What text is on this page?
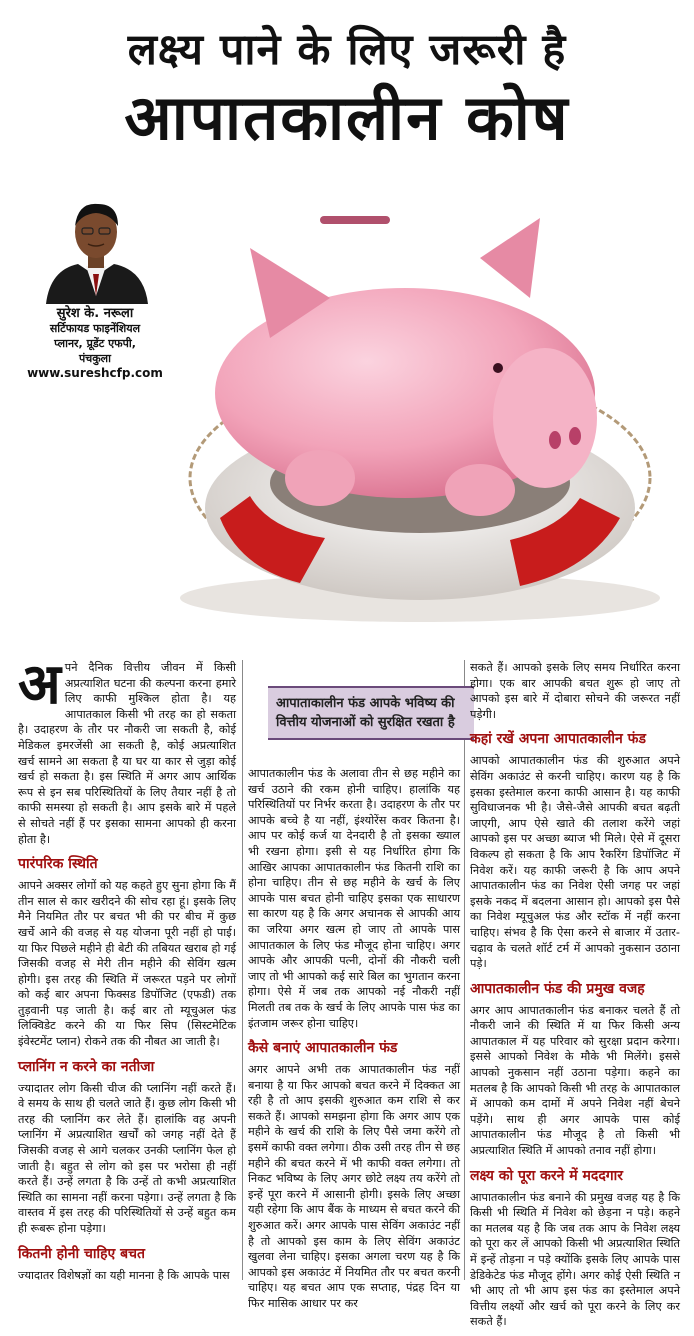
लक्ष्य पाने के लिए जरूरी है
आपातकालीन कोष
सुरेश के. नरूला
सर्टिफायड फाइनेंशियल
प्लानर, प्रूडेंट एफपी,
पंचकुला
www.sureshcfp.com

अपने दैनिक वित्तीय जीवन में किसी अप्रत्याशित घटना की कल्पना करना हमारे लिए काफी मुश्किल होता है। यह आपातकाल किसी भी तरह का हो सकता है। उदाहरण के तौर पर नौकरी जा सकती है, कोई मेडिकल इमरजेंसी आ सकती है, कोई अप्रत्याशित खर्च सामने आ सकता है या घर या कार से जुड़ा कोई खर्च हो सकता है। इस स्थिति में अगर आप आर्थिक रूप से इन सब परिस्थितियों के लिए तैयार नहीं है तो काफी समस्या हो सकती है। आप इसके बारे में पहले से सोचते नहीं हैं पर इसका सामना आपको ही करना होता है।

पारंपरिक स्थिति

आपने अक्सर लोगों को यह कहते हुए सुना होगा कि मैं तीन साल से कार खरीदने की सोच रहा हूं। इसके लिए मैने नियमित तौर पर बचत भी की पर बीच में कुछ खर्चे आने की वजह से यह योजना पूरी नहीं हो पाई। या फिर पिछले महीने ही बेटी की तबियत खराब हो गई जिसकी वजह से मेरी तीन महीने की सेविंग खत्म होगी। इस तरह की स्थिति में जरूरत पड़ने पर लोगों को कई बार अपना फिक्सड डिपॉजिट (एफडी) तक तुड़वानी पड़ जाती है। कई बार तो म्यूचुअल फंड लिक्विडेट करने की या फिर सिप (सिस्टमेटिक इंवेस्टमेंट प्लान) रोकने तक की नौबत आ जाती है।

प्लानिंग न करने का नतीजा

ज्यादातर लोग किसी चीज की प्लानिंग नहीं करते हैं। वे समय के साथ ही चलते जाते हैं। कुछ लोग किसी भी तरह की प्लानिंग कर लेते हैं। हालांकि वह अपनी प्लानिंग में अप्रत्याशित खर्चों को जगह नहीं देते हैं जिसकी वजह से आगे चलकर उनकी प्लानिंग फेल हो जाती है। बहुत से लोग को इस पर भरोसा ही नहीं करते हैं। उन्हें लगता है कि उन्हें तो कभी अप्रत्याशित स्थिति का सामना नहीं करना पड़ेगा। उन्हें लगता है कि वास्तव में इस तरह की परिस्थितियों से उन्हें बहुत कम ही रूबरू होना पड़ेगा।

कितनी होनी चाहिए बचत

ज्यादातर विशेषज्ञों का यही मानना है कि आपके पास

आपाताकालीन फंड आपके भविष्य की वित्तीय योजनाओं को सुरक्षित रखता है

आपातकालीन फंड के अलावा तीन से छह महीने का खर्च उठाने की रकम होनी चाहिए। हालांकि यह परिस्थितियों पर निर्भर करता है। उदाहरण के तौर पर आपके बच्चे है या नहीं, इंश्योरेंस कवर कितना है। आप पर कोई कर्ज या देनदारी है तो इसका ख्याल भी रखना होगा। इसी से यह निर्धारित होगा कि आखिर आपका आपातकालीन फंड कितनी राशि का होना चाहिए। तीन से छह महीने के खर्च के लिए आपके पास बचत होनी चाहिए इसका एक साधारण सा कारण यह है कि अगर अचानक से आपकी आय का जरिया अगर खत्म हो जाए तो आपके पास आपातकाल के लिए फंड मौजूद होना चाहिए। अगर आपके और आपकी पत्नी, दोनों की नौकरी चली जाए तो भी आपको कई सारे बिल का भुगतान करना होगा। ऐसे में जब तक आपको नई नौकरी नहीं मिलती तब तक के खर्च के लिए आपके पास फंड का इंतजाम जरूर होना चाहिए।

कैसे बनाएं आपातकालीन फंड

अगर आपने अभी तक आपातकालीन फंड नहीं बनाया है या फिर आपको बचत करने में दिक्कत आ रही है तो आप इसकी शुरुआत कम राशि से कर सकते हैं। आपको समझना होगा कि अगर आप एक महीने के खर्च की राशि के लिए पैसे जमा करेंगे तो इसमें काफी वक्त लगेगा। ठीक उसी तरह तीन से छह महीने की बचत करने में भी काफी वक्त लगेगा। तो निकट भविष्य के लिए अगर छोटे लक्ष्य तय करेंगे तो इन्हें पूरा करने में आसानी होगी। इसके लिए अच्छा यही रहेगा कि आप बैंक के माध्यम से बचत करने की शुरुआत करें। अगर आपके पास सेविंग अकाउंट नहीं है तो आपको इस काम के लिए सेविंग अकाउंट खुलवा लेना चाहिए। इसका अगला चरण यह है कि आपको इस अकाउंट में नियमित तौर पर बचत करनी चाहिए। यह बचत आप एक सप्ताह, पंद्रह दिन या फिर मासिक आधार पर कर

सकते हैं। आपको इसके लिए समय निर्धारित करना होगा। एक बार आपकी बचत शुरू हो जाए तो आपको इस बारे में दोबारा सोचने की जरूरत नहीं पड़ेगी।

कहां रखें अपना आपातकालीन फंड

आपको आपातकालीन फंड की शुरुआत अपने सेविंग अकाउंट से करनी चाहिए। कारण यह है कि इसका इस्तेमाल करना काफी आसान है। यह काफी सुविधाजनक भी है। जैसे-जैसे आपकी बचत बढ़ती जाएगी, आप ऐसे खाते की तलाश करेंगे जहां आपको इस पर अच्छा ब्याज भी मिले। ऐसे में दूसरा विकल्प हो सकता है कि आप रैकरिंग डिपॉजिट में निवेश करें। यह काफी जरूरी है कि आप अपने आपातकालीन फंड का निवेश ऐसी जगह पर जहां इसके नकद में बदलना आसान हो। आपको इस पैसे का निवेश म्यूचुअल फंड और स्टॉक में नहीं करना चाहिए। संभव है कि ऐसा करने से बाजार में उतार-चढ़ाव के चलते शॉर्ट टर्म में आपको नुकसान उठाना पड़े।

आपातकालीन फंड की प्रमुख वजह

अगर आप आपातकालीन फंड बनाकर चलते हैं तो नौकरी जाने की स्थिति में या फिर किसी अन्य आपातकाल में यह परिवार को सुरक्षा प्रदान करेगा। इससे आपको निवेश के मौके भी मिलेंगे। इससे आपको नुकसान नहीं उठाना पड़ेगा। कहने का मतलब है कि आपको किसी भी तरह के आपातकाल में आपको कम दामों में अपने निवेश नहीं बेचने पड़ेंगे। साथ ही अगर आपके पास कोई आपातकालीन फंड मौजूद है तो किसी भी अप्रत्याशित स्थिति में आपको तनाव नहीं होगा।

लक्ष्य को पूरा करने में मददगार

आपातकालीन फंड बनाने की प्रमुख वजह यह है कि किसी भी स्थिति में निवेश को छेड़ना न पड़े। कहने का मतलब यह है कि जब तक आप के निवेश लक्ष्य को पूरा कर लें आपको किसी भी अप्रत्याशित स्थिति में इन्हें तोड़ना न पड़े क्योंकि इसके लिए आपके पास डेडिकेटेड फंड मौजूद होंगे। अगर कोई ऐसी स्थिति न भी आए तो भी आप इस फंड का इस्तेमाल अपने वित्तीय लक्ष्यों और खर्च को पूरा करने के लिए कर सकते हैं।
